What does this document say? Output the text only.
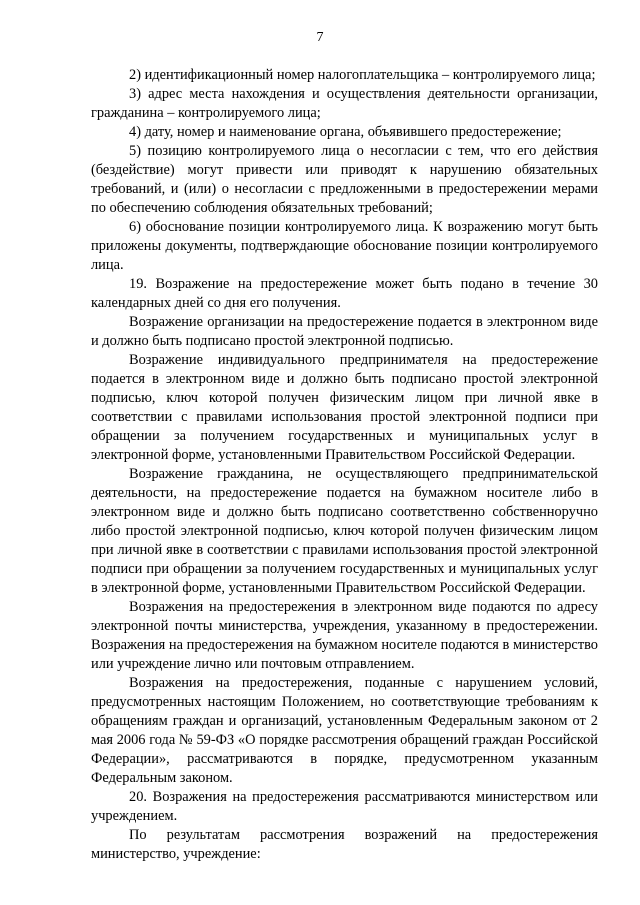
7

2) идентификационный номер налогоплательщика – контролируемого лица;

3) адрес места нахождения и осуществления деятельности организации, гражданина – контролируемого лица;

4) дату, номер и наименование органа, объявившего предостережение;

5) позицию контролируемого лица о несогласии с тем, что его действия (бездействие) могут привести или приводят к нарушению обязательных требований, и (или) о несогласии с предложенными в предостережении мерами по обеспечению соблюдения обязательных требований;

6) обоснование позиции контролируемого лица. К возражению могут быть приложены документы, подтверждающие обоснование позиции контролируемого лица.

19. Возражение на предостережение может быть подано в течение 30 календарных дней со дня его получения.

Возражение организации на предостережение подается в электронном виде и должно быть подписано простой электронной подписью.

Возражение индивидуального предпринимателя на предостережение подается в электронном виде и должно быть подписано простой электронной подписью, ключ которой получен физическим лицом при личной явке в соответствии с правилами использования простой электронной подписи при обращении за получением государственных и муниципальных услуг в электронной форме, установленными Правительством Российской Федерации.

Возражение гражданина, не осуществляющего предпринимательской деятельности, на предостережение подается на бумажном носителе либо в электронном виде и должно быть подписано соответственно собственноручно либо простой электронной подписью, ключ которой получен физическим лицом при личной явке в соответствии с правилами использования простой электронной подписи при обращении за получением государственных и муниципальных услуг в электронной форме, установленными Правительством Российской Федерации.

Возражения на предостережения в электронном виде подаются по адресу электронной почты министерства, учреждения, указанному в предостережении. Возражения на предостережения на бумажном носителе подаются в министерство или учреждение лично или почтовым отправлением.

Возражения на предостережения, поданные с нарушением условий, предусмотренных настоящим Положением, но соответствующие требованиям к обращениям граждан и организаций, установленным Федеральным законом от 2 мая 2006 года № 59-ФЗ «О порядке рассмотрения обращений граждан Российской Федерации», рассматриваются в порядке, предусмотренном указанным Федеральным законом.

20. Возражения на предостережения рассматриваются министерством или учреждением.

По результатам рассмотрения возражений на предостережения министерство, учреждение:
